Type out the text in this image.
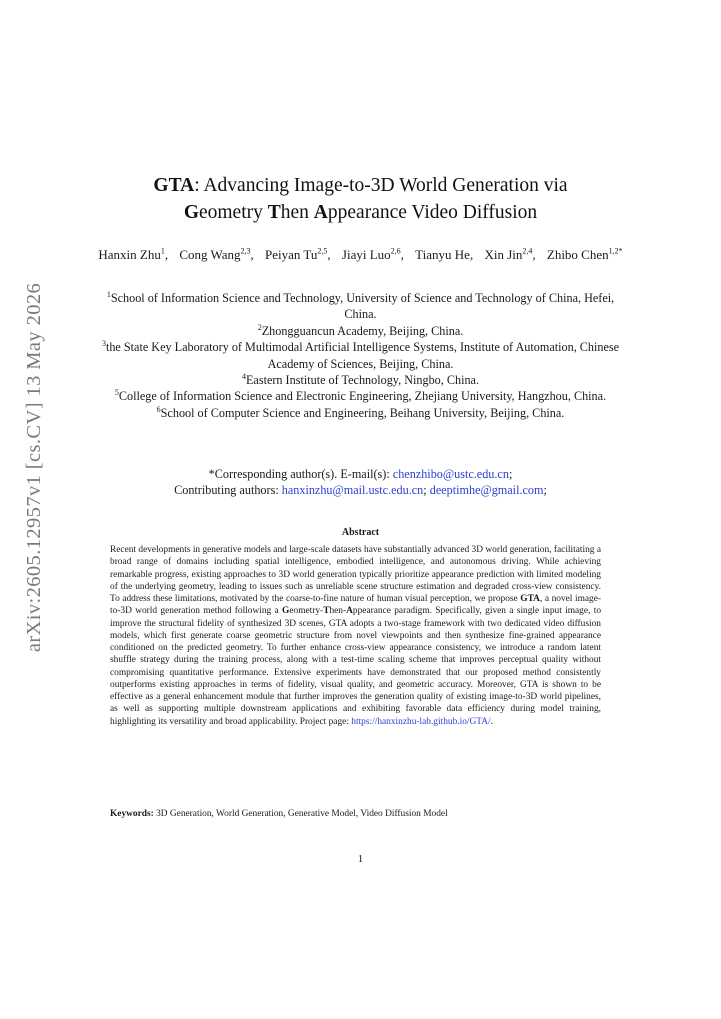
arXiv:2605.12957v1 [cs.CV] 13 May 2026
GTA: Advancing Image-to-3D World Generation via
Geometry Then Appearance Video Diffusion
Hanxin Zhu$^1$, Cong Wang$^{2,3}$, Peiyan Tu$^{2,5}$, Jiayi Luo$^{2,6}$, Tianyu He, Xin Jin$^{2,4}$, Zhibo Chen$^{1,2*}$
$^1$School of Information Science and Technology, University of Science and Technology of China, Hefei, China.
$^2$Zhongguancun Academy, Beijing, China.
$^3$the State Key Laboratory of Multimodal Artificial Intelligence Systems, Institute of Automation, Chinese Academy of Sciences, Beijing, China.
$^4$Eastern Institute of Technology, Ningbo, China.
$^5$College of Information Science and Electronic Engineering, Zhejiang University, Hangzhou, China.
$^6$School of Computer Science and Engineering, Beihang University, Beijing, China.
*Corresponding author(s). E-mail(s): chenzhibo@ustc.edu.cn;
Contributing authors: hanxinzhu@mail.ustc.edu.cn; deeptimhe@gmail.com;
Abstract
Recent developments in generative models and large-scale datasets have substantially advanced 3D world generation, facilitating a broad range of domains including spatial intelligence, embodied intelligence, and autonomous driving. While achieving remarkable progress, existing approaches to 3D world generation typically prioritize appearance prediction with limited modeling of the underlying geometry, leading to issues such as unreliable scene structure estimation and degraded cross-view consistency. To address these limitations, motivated by the coarse-to-fine nature of human visual perception, we propose GTA, a novel image-to-3D world generation method following a Geometry-Then-Appearance paradigm. Specifically, given a single input image, to improve the structural fidelity of synthesized 3D scenes, GTA adopts a two-stage framework with two dedicated video diffusion models, which first generate coarse geometric structure from novel viewpoints and then synthesize fine-grained appearance conditioned on the predicted geometry. To further enhance cross-view appearance consistency, we introduce a random latent shuffle strategy during the training process, along with a test-time scaling scheme that improves perceptual quality without compromising quantitative performance. Extensive experiments have demonstrated that our proposed method consistently outperforms existing approaches in terms of fidelity, visual quality, and geometric accuracy. Moreover, GTA is shown to be effective as a general enhancement module that further improves the generation quality of existing image-to-3D world pipelines, as well as supporting multiple downstream applications and exhibiting favorable data efficiency during model training, highlighting its versatility and broad applicability. Project page: https://hanxinzhu-lab.github.io/GTA/.
Keywords: 3D Generation, World Generation, Generative Model, Video Diffusion Model
1
